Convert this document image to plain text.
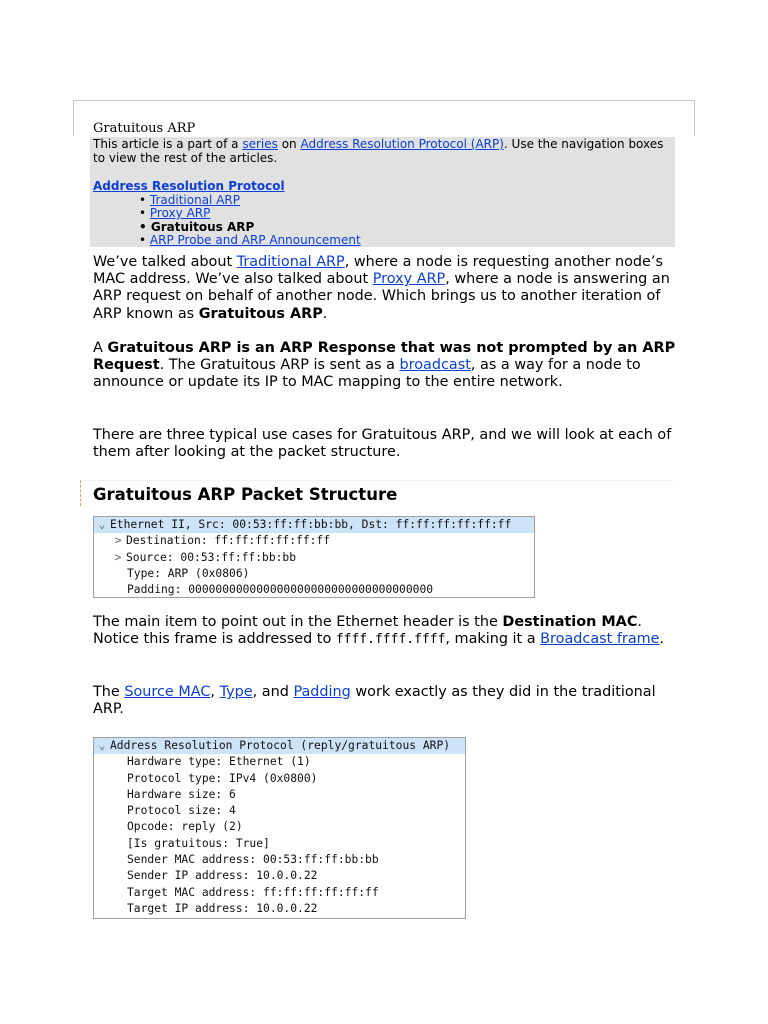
Gratuitous ARP
This article is a part of a series on Address Resolution Protocol (ARP). Use the navigation boxes to view the rest of the articles.
Address Resolution Protocol
• Traditional ARP
• Proxy ARP
• Gratuitous ARP
• ARP Probe and ARP Announcement
We’ve talked about Traditional ARP, where a node is requesting another node’s MAC address. We’ve also talked about Proxy ARP, where a node is answering an ARP request on behalf of another node. Which brings us to another iteration of ARP known as Gratuitous ARP.
A Gratuitous ARP is an ARP Response that was not prompted by an ARP Request. The Gratuitous ARP is sent as a broadcast, as a way for a node to announce or update its IP to MAC mapping to the entire network.
There are three typical use cases for Gratuitous ARP, and we will look at each of them after looking at the packet structure.
Gratuitous ARP Packet Structure
⌄ Ethernet II, Src: 00:53:ff:ff:bb:bb, Dst: ff:ff:ff:ff:ff:ff
> Destination: ff:ff:ff:ff:ff:ff
> Source: 00:53:ff:ff:bb:bb
Type: ARP (0x0806)
Padding: 000000000000000000000000000000000000
The main item to point out in the Ethernet header is the Destination MAC. Notice this frame is addressed to ffff.ffff.ffff, making it a Broadcast frame.
The Source MAC, Type, and Padding work exactly as they did in the traditional ARP.
⌄ Address Resolution Protocol (reply/gratuitous ARP)
Hardware type: Ethernet (1)
Protocol type: IPv4 (0x0800)
Hardware size: 6
Protocol size: 4
Opcode: reply (2)
[Is gratuitous: True]
Sender MAC address: 00:53:ff:ff:bb:bb
Sender IP address: 10.0.0.22
Target MAC address: ff:ff:ff:ff:ff:ff
Target IP address: 10.0.0.22
